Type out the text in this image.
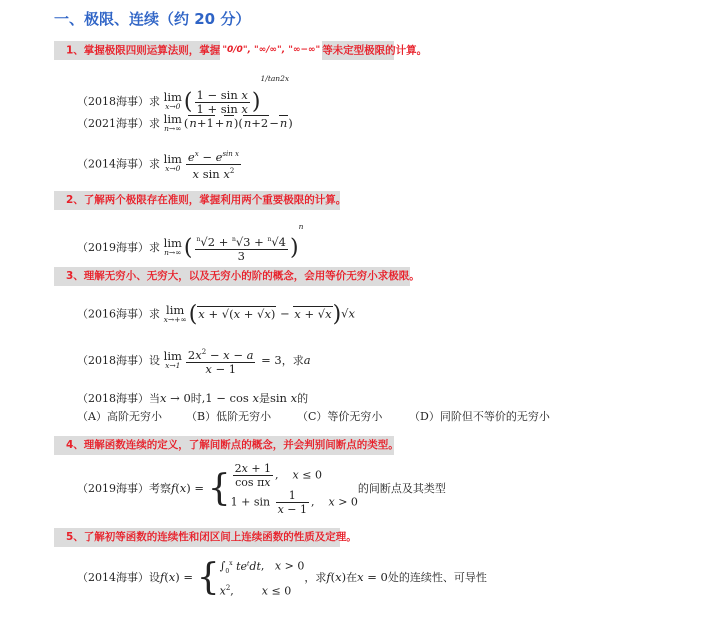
一、极限、连续（约 20 分）
1、掌握极限四则运算法则，掌握 "0/0", "∞/∞", "∞−∞" 等未定型极限的计算。
（2018海事）求 lim
x→0 ( $\frac{\text{1 − sin x}}{\text{1 + sin x}} )^{1/tan2x}$
（2021海事）求 lim
n→∞ (n+1+n)(n+2−n)
（2014海事）求 lim
$x\to 0 \frac{e^x - e^{sin x}}{x \sin x^2}$
2、了解两个极限存在准则，掌握利用两个重要极限的计算。
（2019海事）求 lim
n→∞ ( $\frac{^n√2 + ^n√3 + ^n√4}{3} )^n$
3、理解无穷小、无穷大，以及无穷小的阶的概念，会用等价无穷小求极限。
（2016海事）求 lim
x→+∞ (x + √(x + √x) − x + √x)√x
（2018海事）设 lim
$x\to 1 \frac{2x^2 - x - a}{x - 1} = 3$，求a
（2018海事）当x → 0时,1 − cos x是sin x的
（A）高阶无穷小 （B）低阶无穷小 （C）等价无穷小 （D）同阶但不等价的无穷小
4、理解函数连续的定义，了解间断点的概念，并会判别间断点的类型。
（2019海事）考察f(x) = { $\frac{2x + 1}{\text{cos πx}}$ ,    x ≤ 0
$1 + \sin \frac{1}{x - 1}$ ,    x > 0
的间断点及其类型
5、了解初等函数的连续性和闭区间上连续函数的性质及定理。
（2014海事）设f(x) = { $\int_0^x$ $te^tdt$,   x > 0
$x^2$,        x ≤ 0
，求f(x)在x = 0处的连续性、可导性
